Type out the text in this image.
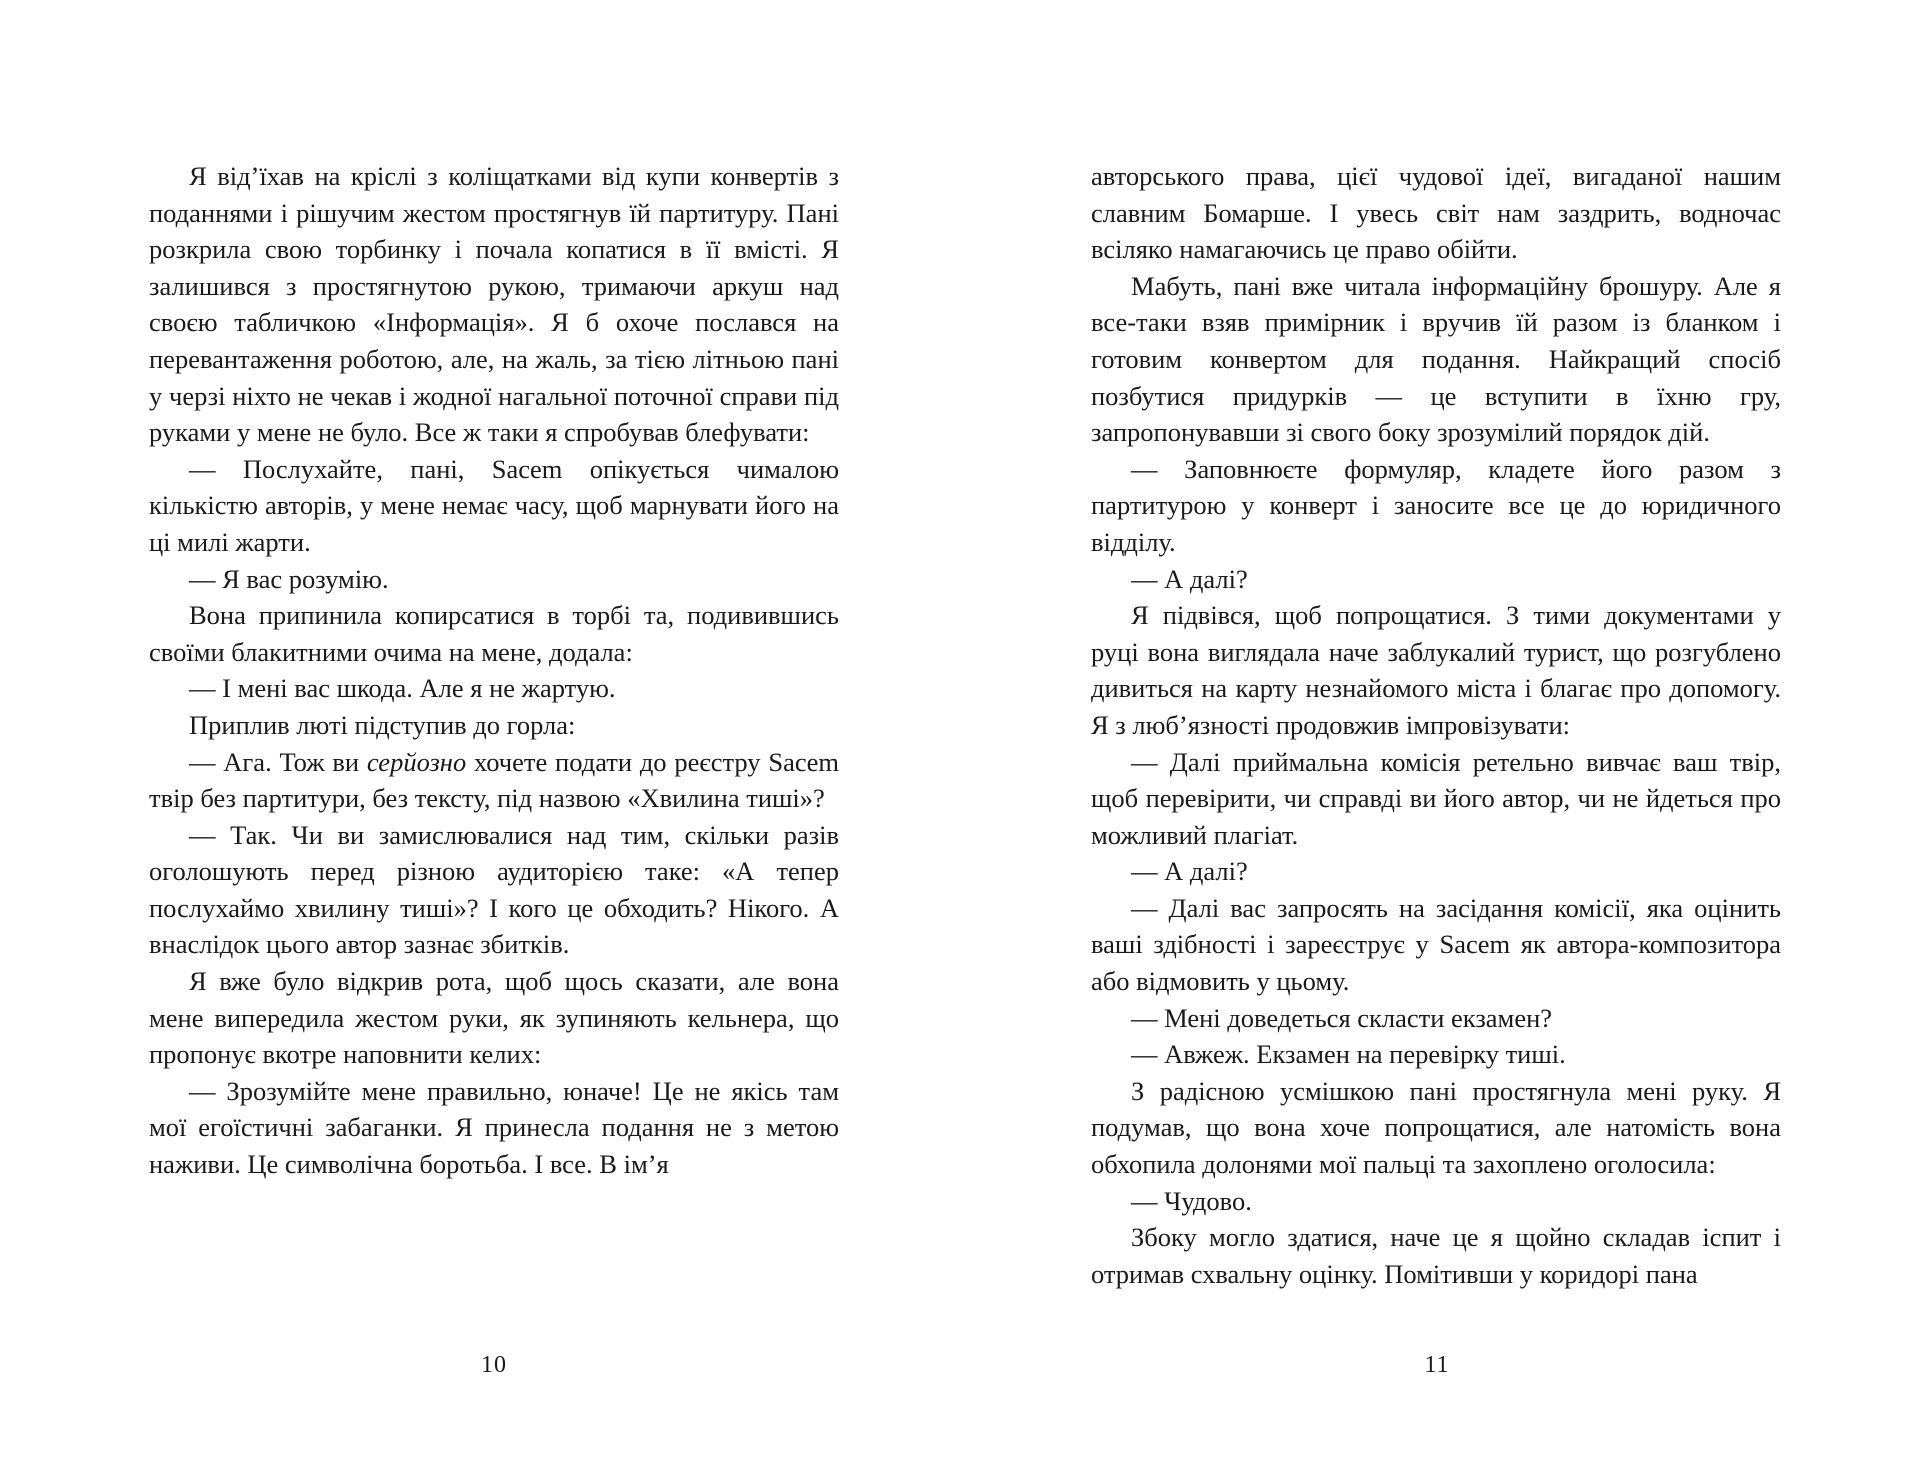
Я від’їхав на кріслі з коліщатками від купи конвертів з поданнями і рішучим жестом простягнув їй партитуру. Пані розкрила свою торбинку і почала копатися в її вмісті. Я залишився з простягнутою рукою, тримаючи аркуш над своєю табличкою «Інформація». Я б охоче послався на перевантаження роботою, але, на жаль, за тією літньою пані у черзі ніхто не чекав і жодної нагальної поточної справи під руками у мене не було. Все ж таки я спробував блефувати:

— Послухайте, пані, Sacem опікується чималою кількістю авторів, у мене немає часу, щоб марнувати його на ці милі жарти.

— Я вас розумію.

Вона припинила копирсатися в торбі та, подивившись своїми блакитними очима на мене, додала:

— І мені вас шкода. Але я не жартую.

Приплив люті підступив до горла:

— Ага. Тож ви серйозно хочете подати до реєстру Sacem твір без партитури, без тексту, під назвою «Хвилина тиші»?

— Так. Чи ви замислювалися над тим, скільки разів оголошують перед різною аудиторією таке: «А тепер послухаймо хвилину тиші»? І кого це обходить? Нікого. А внаслідок цього автор зазнає збитків.

Я вже було відкрив рота, щоб щось сказати, але вона мене випередила жестом руки, як зупиняють кельнера, що пропонує вкотре наповнити келих:

— Зрозумійте мене правильно, юначе! Це не якісь там мої егоїстичні забаганки. Я принесла подання не з метою наживи. Це символічна боротьба. І все. В ім’я

10

авторського права, цієї чудової ідеї, вигаданої нашим славним Бомарше. І увесь світ нам заздрить, водночас всіляко намагаючись це право обійти.

Мабуть, пані вже читала інформаційну брошуру. Але я все-таки взяв примірник і вручив їй разом із бланком і готовим конвертом для подання. Найкращий спосіб позбутися придурків — це вступити в їхню гру, запропонувавши зі свого боку зрозумілий порядок дій.

— Заповнюєте формуляр, кладете його разом з партитурою у конверт і заносите все це до юридичного відділу.

— А далі?

Я підвівся, щоб попрощатися. З тими документами у руці вона виглядала наче заблукалий турист, що розгублено дивиться на карту незнайомого міста і благає про допомогу. Я з люб’язності продовжив імпровізувати:

— Далі приймальна комісія ретельно вивчає ваш твір, щоб перевірити, чи справді ви його автор, чи не йдеться про можливий плагіат.

— А далі?

— Далі вас запросять на засідання комісії, яка оцінить ваші здібності і зареєструє у Sacem як автора-композитора або відмовить у цьому.

— Мені доведеться скласти екзамен?

— Авжеж. Екзамен на перевірку тиші.

З радісною усмішкою пані простягнула мені руку. Я подумав, що вона хоче попрощатися, але натомість вона обхопила долонями мої пальці та захоплено оголосила:

— Чудово.

Збоку могло здатися, наче це я щойно складав іспит і отримав схвальну оцінку. Помітивши у коридорі пана

11
